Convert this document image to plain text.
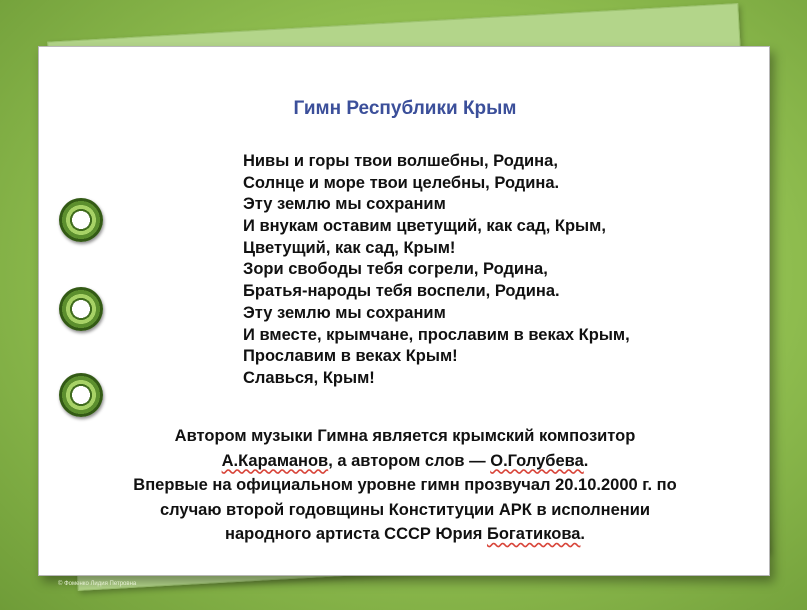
Гимн Республики Крым
Нивы и горы твои волшебны, Родина,
Солнце и море твои целебны, Родина.
Эту землю мы сохраним
И внукам оставим цветущий, как сад, Крым,
Цветущий, как сад, Крым!
Зори свободы тебя согрели, Родина,
Братья-народы тебя воспели, Родина.
Эту землю мы сохраним
И вместе, крымчане, прославим в веках Крым,
Прославим в веках Крым!
Славься, Крым!

Автором музыки Гимна является крымский композитор

А.Караманов, а автором слов — О.Голубева.

Впервые на официальном уровне гимн прозвучал 20.10.2000 г. по

случаю второй годовщины Конституции АРК в исполнении

народного артиста СССР Юрия Богатикова.

© Фоменко Лидия Петровна
